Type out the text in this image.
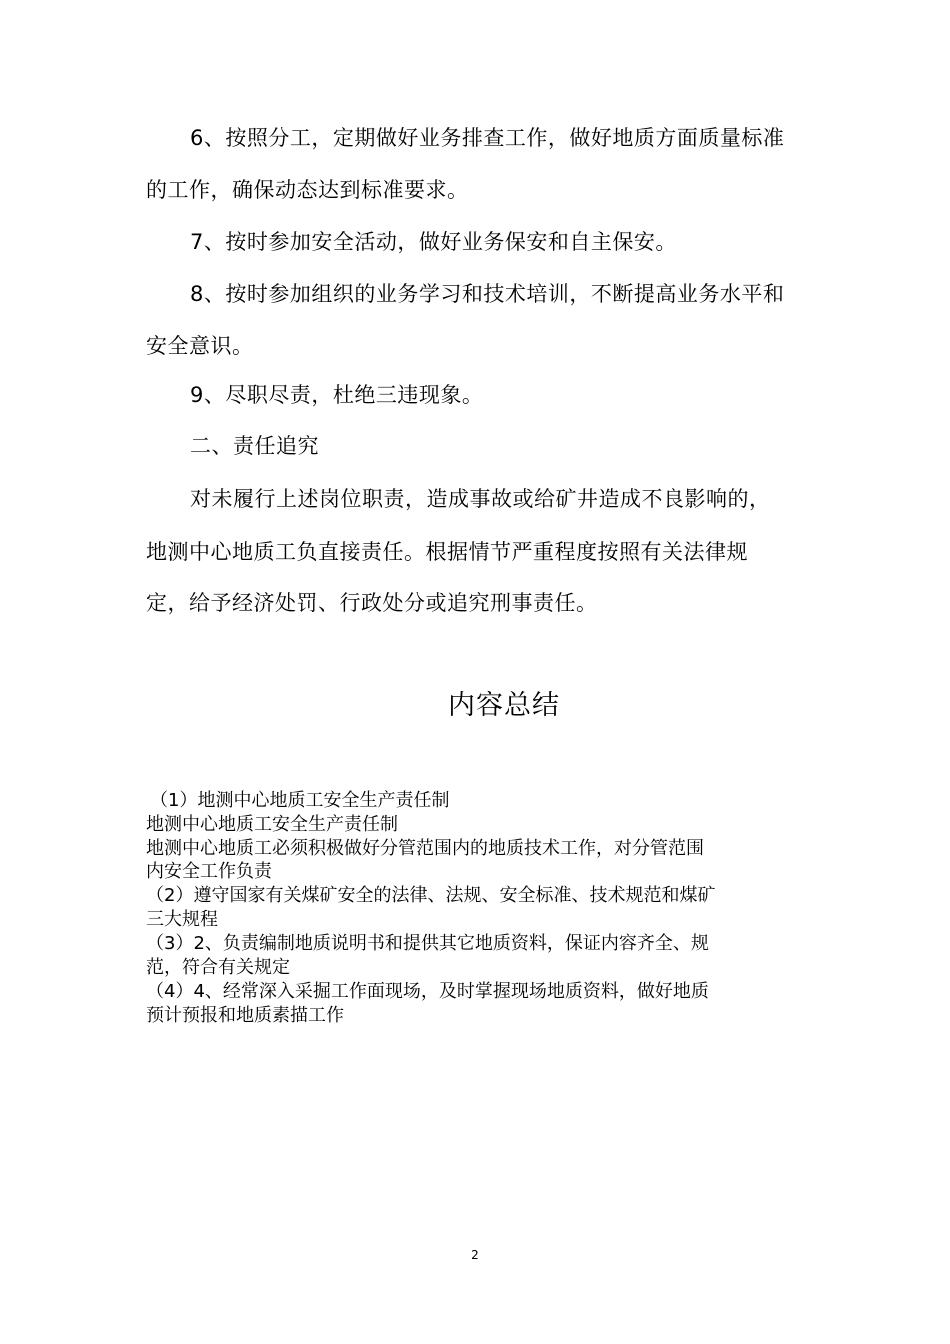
6、按照分工，定期做好业务排查工作，做好地质方面质量标准
的工作，确保动态达到标准要求。
7、按时参加安全活动，做好业务保安和自主保安。
8、按时参加组织的业务学习和技术培训，不断提高业务水平和
安全意识。
9、尽职尽责，杜绝三违现象。
二、责任追究
对未履行上述岗位职责，造成事故或给矿井造成不良影响的，
地测中心地质工负直接责任。根据情节严重程度按照有关法律规
定，给予经济处罚、行政处分或追究刑事责任。
内容总结
（1）地测中心地质工安全生产责任制
地测中心地质工安全生产责任制
地测中心地质工必须积极做好分管范围内的地质技术工作，对分管范围
内安全工作负责
（2）遵守国家有关煤矿安全的法律、法规、安全标准、技术规范和煤矿
三大规程
（3）2、负责编制地质说明书和提供其它地质资料，保证内容齐全、规
范，符合有关规定
（4）4、经常深入采掘工作面现场，及时掌握现场地质资料，做好地质
预计预报和地质素描工作
2
